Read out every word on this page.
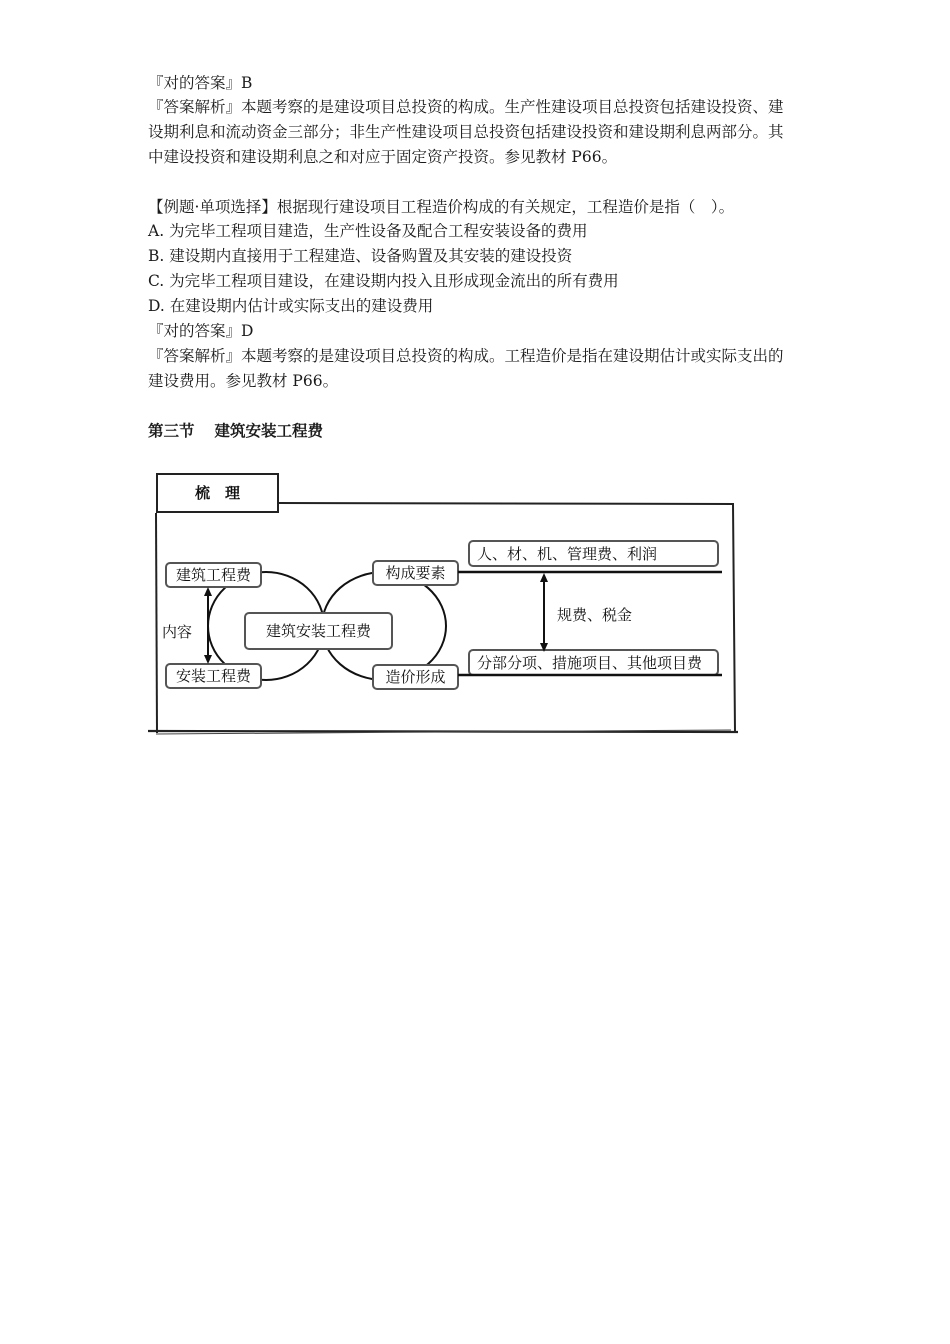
『对的答案』B
『答案解析』本题考察的是建设项目总投资的构成。生产性建设项目总投资包括建设投资、建
设期利息和流动资金三部分；非生产性建设项目总投资包括建设投资和建设期利息两部分。其
中建设投资和建设期利息之和对应于固定资产投资。参见教材 P66。
【例题·单项选择】根据现行建设项目工程造价构成的有关规定，工程造价是指（　）。
A. 为完毕工程项目建造，生产性设备及配合工程安装设备的费用
B. 建设期内直接用于工程建造、设备购置及其安装的建设投资
C. 为完毕工程项目建设，在建设期内投入且形成现金流出的所有费用
D. 在建设期内估计或实际支出的建设费用
『对的答案』D
『答案解析』本题考察的是建设项目总投资的构成。工程造价是指在建设期估计或实际支出的
建设费用。参见教材 P66。
第三节 建筑安装工程费
梳　理
建筑工程费
安装工程费
内容	建筑安装工程费
构成要素
造价形成
人、材、机、管理费、利润
分部分项、措施项目、其他项目费
规费、税金
